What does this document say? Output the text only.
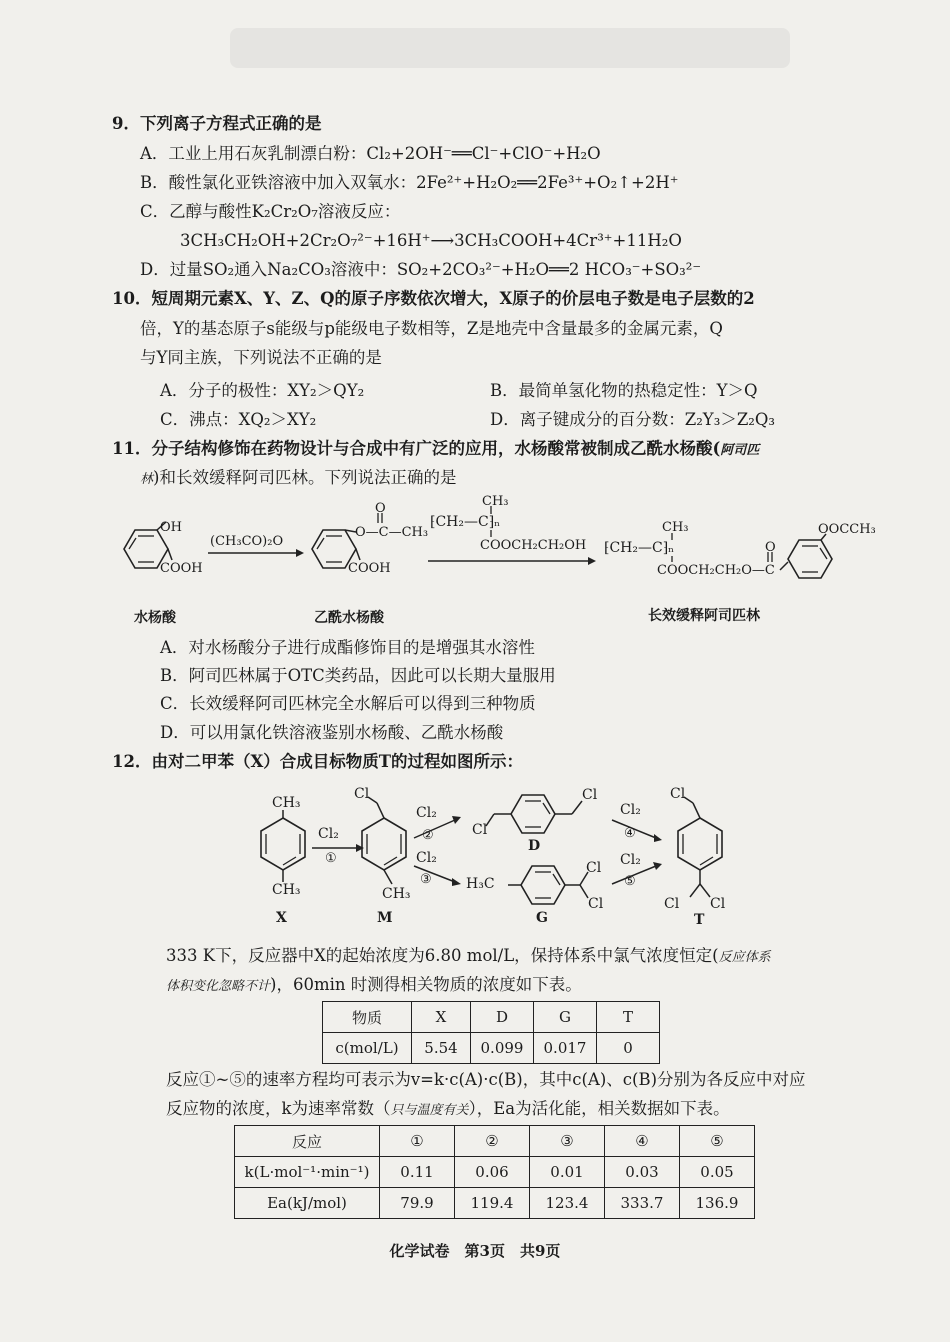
9．下列离子方程式正确的是
A．工业上用石灰乳制漂白粉：Cl₂+2OH⁻══Cl⁻+ClO⁻+H₂O
B．酸性氯化亚铁溶液中加入双氧水：2Fe²⁺+H₂O₂══2Fe³⁺+O₂↑+2H⁺
C．乙醇与酸性K₂Cr₂O₇溶液反应：
3CH₃CH₂OH+2Cr₂O₇²⁻+16H⁺⟶3CH₃COOH+4Cr³⁺+11H₂O
D．过量SO₂通入Na₂CO₃溶液中：SO₂+2CO₃²⁻+H₂O══2 HCO₃⁻+SO₃²⁻
10．短周期元素X、Y、Z、Q的原子序数依次增大，X原子的价层电子数是电子层数的2
倍，Y的基态原子s能级与p能级电子数相等，Z是地壳中含量最多的金属元素，Q
与Y同主族，下列说法不正确的是
A．分子的极性：XY₂＞QY₂	B．最简单氢化物的热稳定性：Y＞Q
C．沸点：XQ₂＞XY₂	D．离子键成分的百分数：Z₂Y₃＞Z₂Q₃
11．分子结构修饰在药物设计与合成中有广泛的应用，水杨酸常被制成乙酰水杨酸(阿司匹
林)和长效缓释阿司匹林。下列说法正确的是
OH
COOH
(CH₃CO)₂O
O—C—CH₃
O
COOH
CH₃
⁅CH₂—C⁆ₙ
COOCH₂CH₂OH
CH₃
⁅CH₂—C⁆ₙ
COOCH₂CH₂O—C
O
OOCCH₃
水杨酸	乙酰水杨酸	长效缓释阿司匹林
A．对水杨酸分子进行成酯修饰目的是增强其水溶性
B．阿司匹林属于OTC类药品，因此可以长期大量服用
C．长效缓释阿司匹林完全水解后可以得到三种物质
D．可以用氯化铁溶液鉴别水杨酸、乙酰水杨酸
12．由对二甲苯（X）合成目标物质T的过程如图所示：
CH₃
CH₃
X
Cl₂
①
Cl
CH₃
M
Cl₂
②
Cl₂
③
Cl
Cl
D
H₃C
Cl
Cl
G
Cl₂
④
Cl₂
⑤
Cl
Cl Cl
T
333 K下，反应器中X的起始浓度为6.80 mol/L，保持体系中氯气浓度恒定(反应体系
体积变化忽略不计)，60min 时测得相关物质的浓度如下表。
物质	X	D	G	T
c(mol/L)	5.54	0.099	0.017	0
反应①~⑤的速率方程均可表示为v=k·c(A)·c(B)，其中c(A)、c(B)分别为各反应中对应
反应物的浓度，k为速率常数（只与温度有关），Ea为活化能，相关数据如下表。
反应	①	②	③	④	⑤
k(L·mol⁻¹·min⁻¹)	0.11	0.06	0.01	0.03	0.05
Ea(kJ/mol)	79.9	119.4	123.4	333.7	136.9
化学试卷　第3页　共9页
